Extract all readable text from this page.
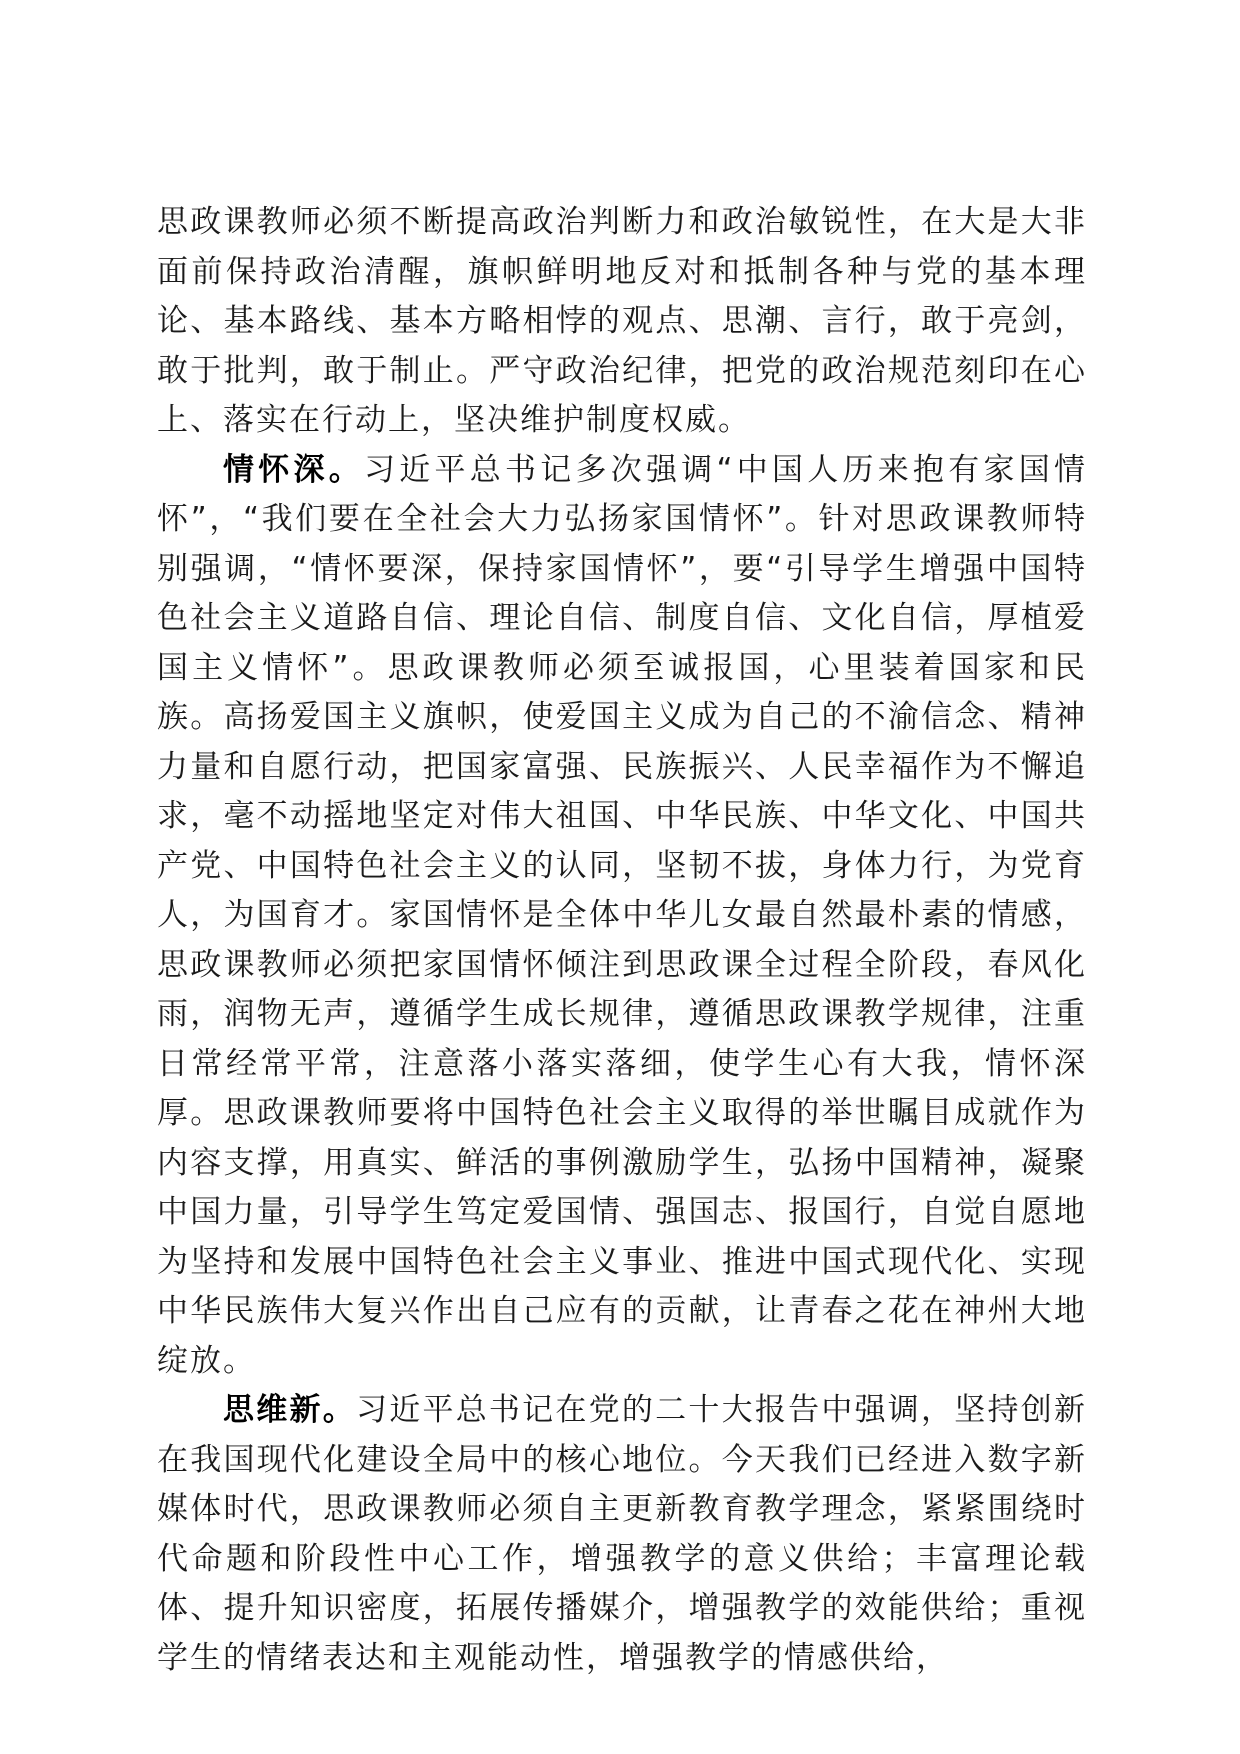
思政课教师必须不断提高政治判断力和政治敏锐性，在大是大非面前保持政治清醒，旗帜鲜明地反对和抵制各种与党的基本理论、基本路线、基本方略相悖的观点、思潮、言行，敢于亮剑，敢于批判，敢于制止。严守政治纪律，把党的政治规范刻印在心上、落实在行动上，坚决维护制度权威。

情怀深。习近平总书记多次强调“中国人历来抱有家国情怀”，“我们要在全社会大力弘扬家国情怀”。针对思政课教师特别强调，“情怀要深，保持家国情怀”，要“引导学生增强中国特色社会主义道路自信、理论自信、制度自信、文化自信，厚植爱国主义情怀”。思政课教师必须至诚报国，心里装着国家和民族。高扬爱国主义旗帜，使爱国主义成为自己的不渝信念、精神力量和自愿行动，把国家富强、民族振兴、人民幸福作为不懈追求，毫不动摇地坚定对伟大祖国、中华民族、中华文化、中国共产党、中国特色社会主义的认同，坚韧不拔，身体力行，为党育人，为国育才。家国情怀是全体中华儿女最自然最朴素的情感，思政课教师必须把家国情怀倾注到思政课全过程全阶段，春风化雨，润物无声，遵循学生成长规律，遵循思政课教学规律，注重日常经常平常，注意落小落实落细，使学生心有大我，情怀深厚。思政课教师要将中国特色社会主义取得的举世瞩目成就作为内容支撑，用真实、鲜活的事例激励学生，弘扬中国精神，凝聚中国力量，引导学生笃定爱国情、强国志、报国行，自觉自愿地为坚持和发展中国特色社会主义事业、推进中国式现代化、实现中华民族伟大复兴作出自己应有的贡献，让青春之花在神州大地绽放。

思维新。习近平总书记在党的二十大报告中强调，坚持创新在我国现代化建设全局中的核心地位。今天我们已经进入数字新媒体时代，思政课教师必须自主更新教育教学理念，紧紧围绕时代命题和阶段性中心工作，增强教学的意义供给；丰富理论载体、提升知识密度，拓展传播媒介，增强教学的效能供给；重视学生的情绪表达和主观能动性，增强教学的情感供给，
